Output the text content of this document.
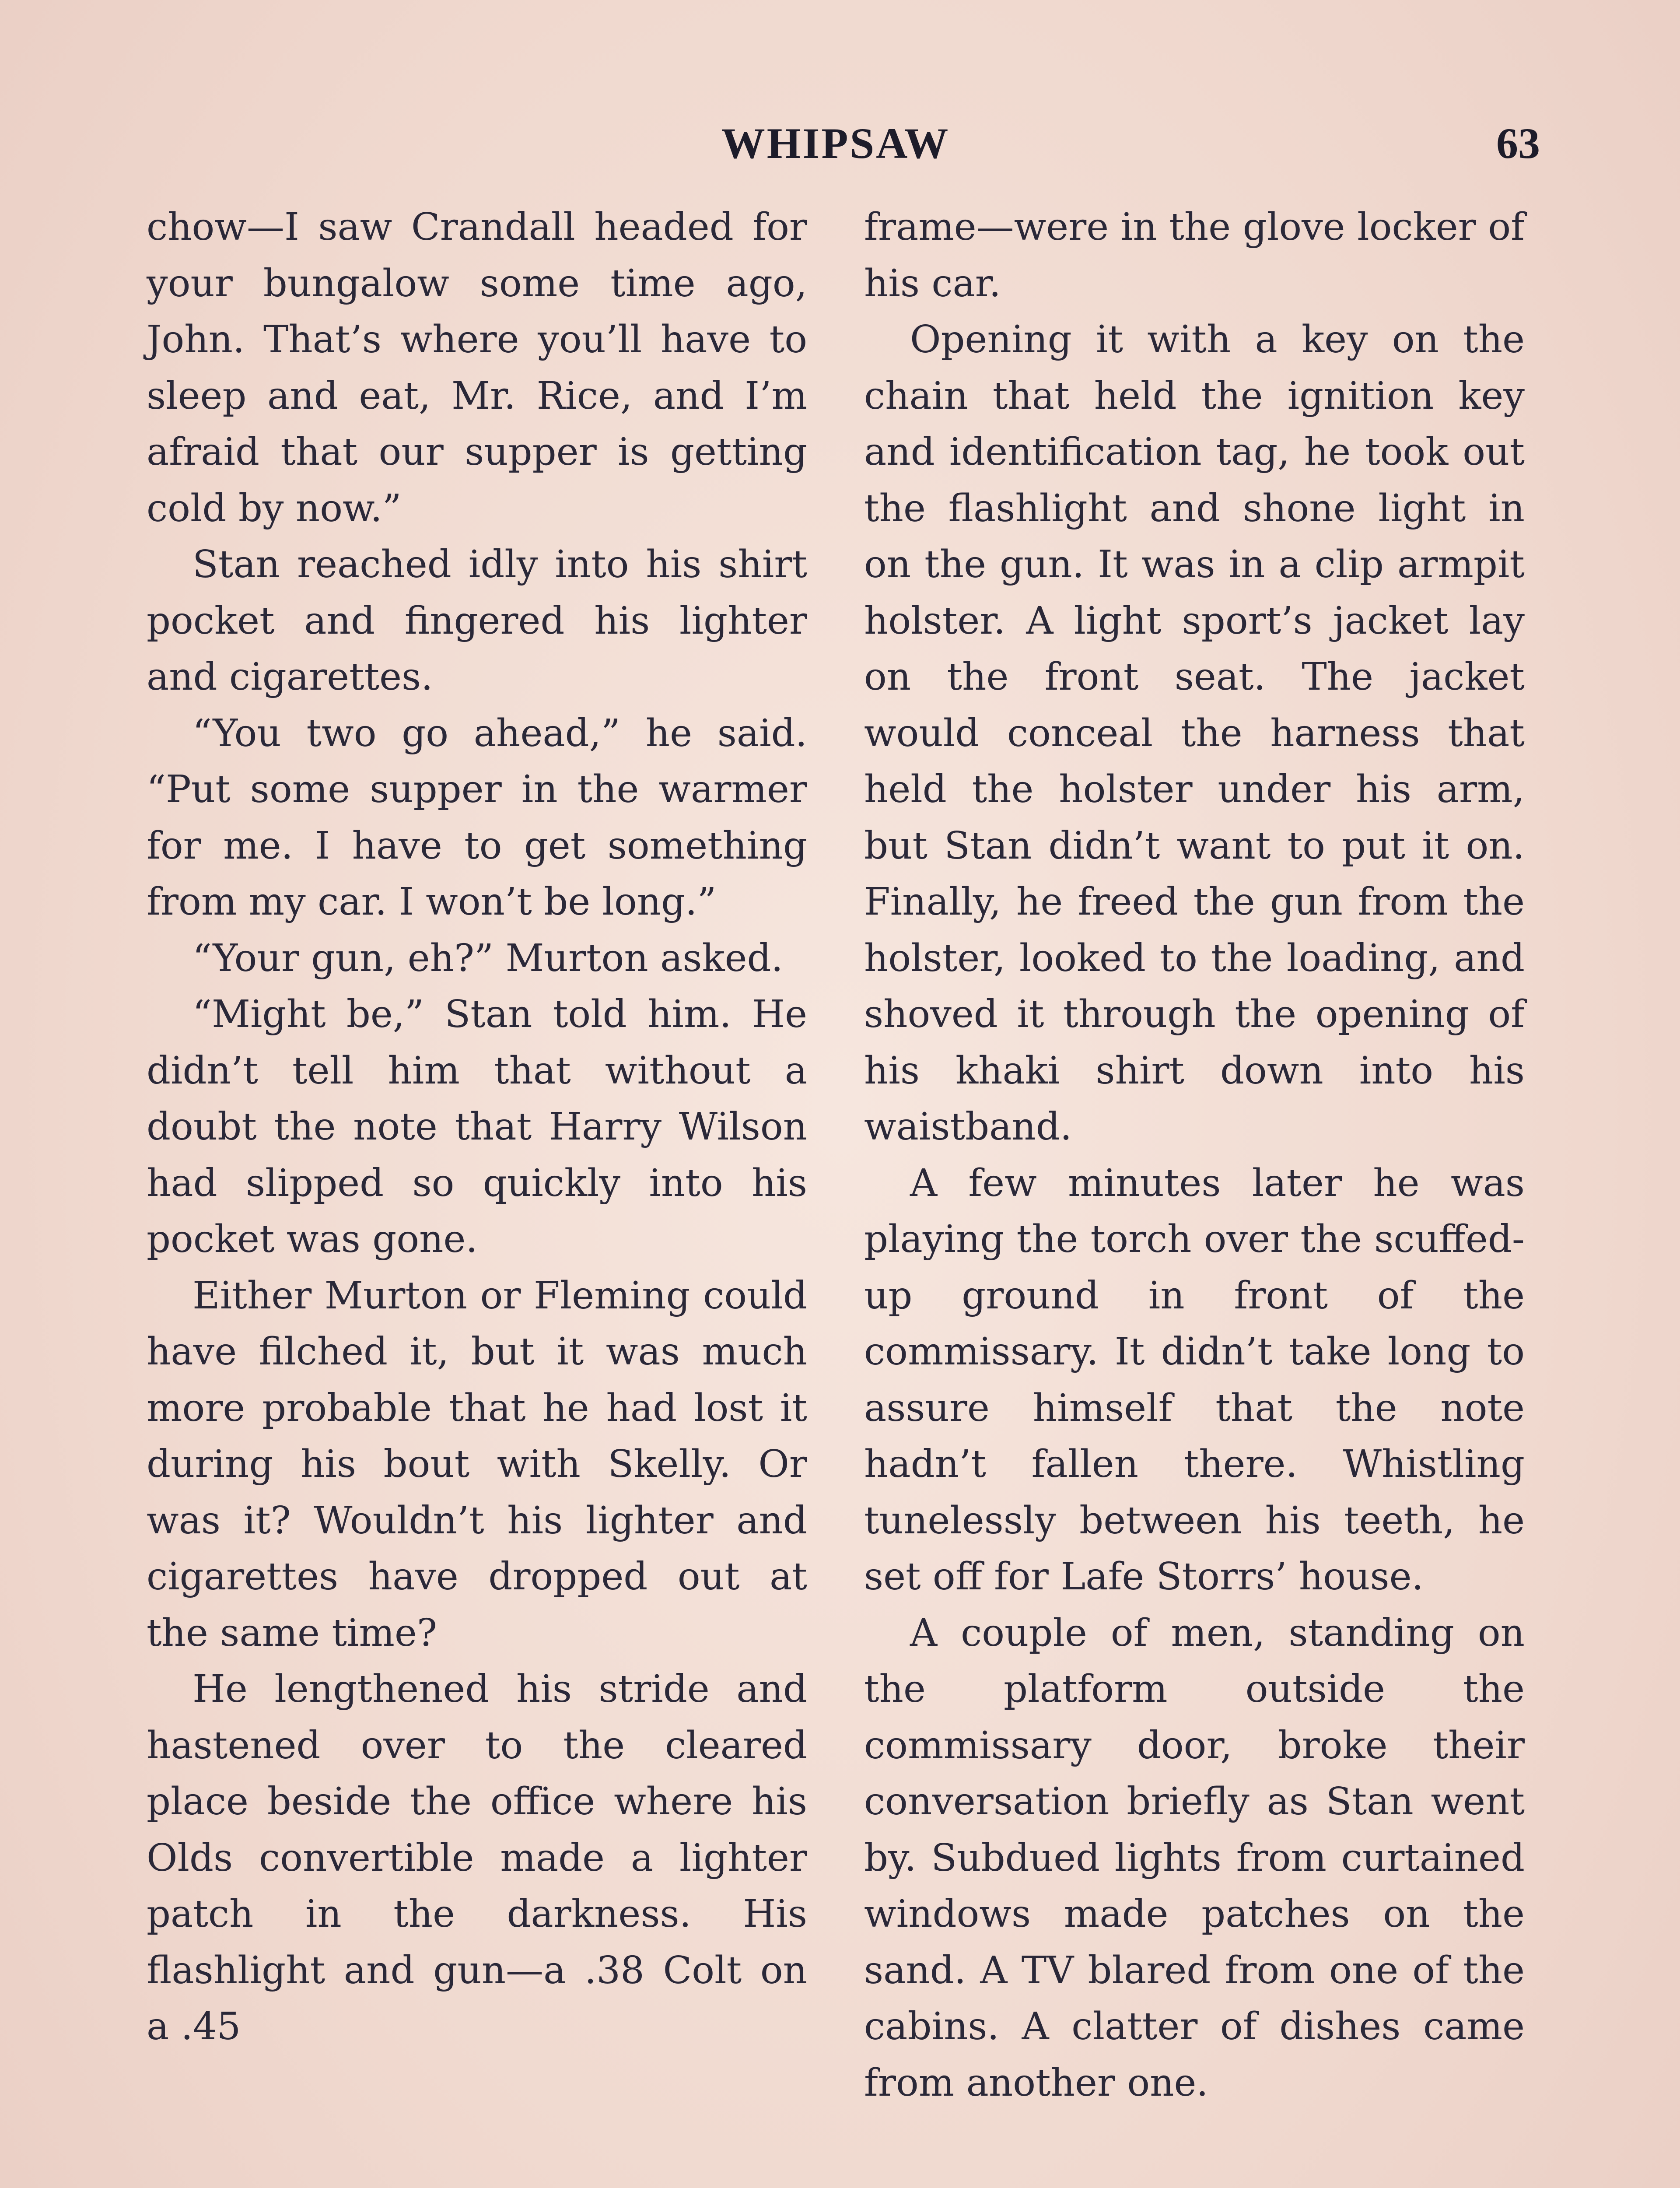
WHIPSAW	63

chow—I saw Crandall headed for your bungalow some time ago, John. That’s where you’ll have to sleep and eat, Mr. Rice, and I’m afraid that our supper is getting cold by now.”

Stan reached idly into his shirt pocket and fingered his lighter and cigarettes.

“You two go ahead,” he said. “Put some supper in the warmer for me. I have to get something from my car. I won’t be long.”

“Your gun, eh?” Murton asked.

“Might be,” Stan told him. He didn’t tell him that without a doubt the note that Harry Wilson had slipped so quickly into his pocket was gone.

Either Murton or Fleming could have filched it, but it was much more probable that he had lost it during his bout with Skelly. Or was it? Wouldn’t his lighter and cigarettes have dropped out at the same time?

He lengthened his stride and hastened over to the cleared place beside the office where his Olds convertible made a lighter patch in the darkness. His flashlight and gun—a .38 Colt on a .45

frame—were in the glove locker of his car.

Opening it with a key on the chain that held the ignition key and identification tag, he took out the flashlight and shone light in on the gun. It was in a clip armpit holster. A light sport’s jacket lay on the front seat. The jacket would conceal the harness that held the holster under his arm, but Stan didn’t want to put it on. Finally, he freed the gun from the holster, looked to the loading, and shoved it through the opening of his khaki shirt down into his waistband.

A few minutes later he was playing the torch over the scuffed-up ground in front of the commissary. It didn’t take long to assure himself that the note hadn’t fallen there. Whistling tunelessly between his teeth, he set off for Lafe Storrs’ house.

A couple of men, standing on the platform outside the commissary door, broke their conversation briefly as Stan went by. Subdued lights from curtained windows made patches on the sand. A TV blared from one of the cabins. A clatter of dishes came from another one.
